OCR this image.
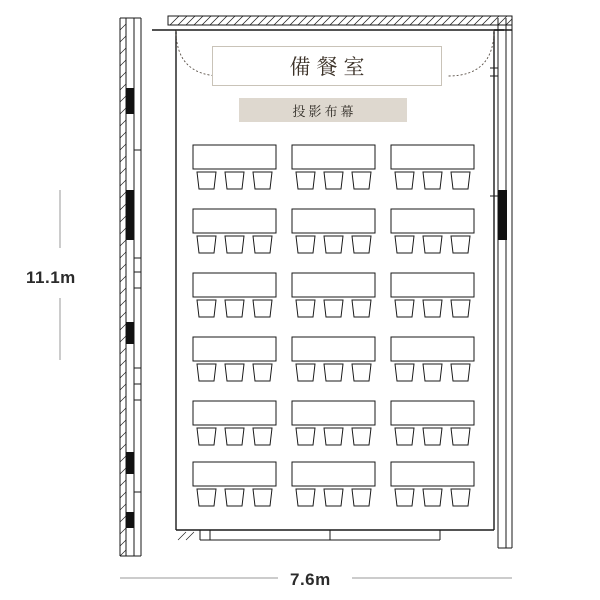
備餐室
投影布幕
11.1m
7.6m
